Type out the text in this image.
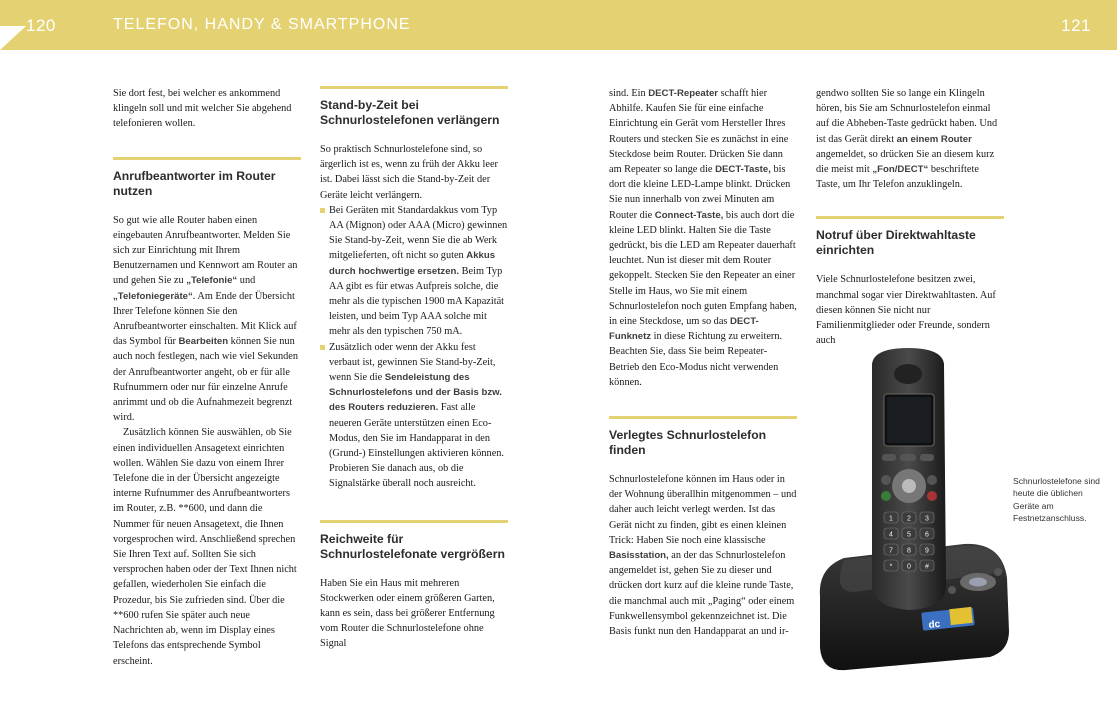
120	TELEFON, HANDY & SMARTPHONE	121

Sie dort fest, bei welcher es ankommend klingeln soll und mit welcher Sie abgehend telefonieren wollen.

Anrufbeantworter im Router nutzen

So gut wie alle Router haben einen eingebauten Anrufbeantworter. Melden Sie sich zur Einrichtung mit Ihrem Benutzernamen und Kennwort am Router an und gehen Sie zu „Telefonie“ und „Telefoniegeräte“. Am Ende der Übersicht Ihrer Telefone können Sie den Anrufbeantworter einschalten. Mit Klick auf das Symbol für Bearbeiten können Sie nun auch noch festlegen, nach wie viel Sekunden der Anrufbeantworter angeht, ob er für alle Rufnummern oder nur für einzelne Anrufe anrimmt und ob die Aufnahmezeit begrenzt wird.

Zusätzlich können Sie auswählen, ob Sie einen individuellen Ansagetext einrichten wollen. Wählen Sie dazu von einem Ihrer Telefone die in der Übersicht angezeigte interne Rufnummer des Anrufbeantworters im Router, z.B. **600, und dann die Nummer für neuen Ansagetext, die Ihnen vorgesprochen wird. Anschließend sprechen Sie Ihren Text auf. Sollten Sie sich versprochen haben oder der Text Ihnen nicht gefallen, wiederholen Sie einfach die Prozedur, bis Sie zufrieden sind. Über die **600 rufen Sie später auch neue Nachrichten ab, wenn im Display eines Telefons das entsprechende Symbol erscheint.

Stand-by-Zeit bei Schnurlostelefonen verlängern

So praktisch Schnurlostelefone sind, so ärgerlich ist es, wenn zu früh der Akku leer ist. Dabei lässt sich die Stand-by-Zeit der Geräte leicht verlängern.

Bei Geräten mit Standardakkus vom Typ AA (Mignon) oder AAA (Micro) gewinnen Sie Stand-by-Zeit, wenn Sie die ab Werk mitgelieferten, oft nicht so guten Akkus durch hochwertige ersetzen. Beim Typ AA gibt es für etwas Aufpreis solche, die mehr als die typischen 1900 mA Kapazität leisten, und beim Typ AAA solche mit mehr als den typischen 750 mA.
Zusätzlich oder wenn der Akku fest verbaut ist, gewinnen Sie Stand-by-Zeit, wenn Sie die Sendeleistung des Schnurlostelefons und der Basis bzw. des Routers reduzieren. Fast alle neueren Geräte unterstützen einen Eco-Modus, den Sie im Handapparat in den (Grund-) Einstellungen aktivieren können. Probieren Sie danach aus, ob die Signalstärke überall noch ausreicht.
Reichweite für Schnurlostelefonate vergrößern

Haben Sie ein Haus mit mehreren Stockwerken oder einem größeren Garten, kann es sein, dass bei größerer Entfernung vom Router die Schnurlostelefone ohne Signal

sind. Ein DECT-Repeater schafft hier Abhilfe. Kaufen Sie für eine einfache Einrichtung ein Gerät vom Hersteller Ihres Routers und stecken Sie es zunächst in eine Steckdose beim Router. Drücken Sie dann am Repeater so lange die DECT-Taste, bis dort die kleine LED-Lampe blinkt. Drücken Sie nun innerhalb von zwei Minuten am Router die Connect-Taste, bis auch dort die kleine LED blinkt. Halten Sie die Taste gedrückt, bis die LED am Repeater dauerhaft leuchtet. Nun ist dieser mit dem Router gekoppelt. Stecken Sie den Repeater an einer Stelle im Haus, wo Sie mit einem Schnurlostelefon noch guten Empfang haben, in eine Steckdose, um so das DECT-Funknetz in diese Richtung zu erweitern. Beachten Sie, dass Sie beim Repeater-Betrieb den Eco-Modus nicht verwenden können.

Verlegtes Schnurlostelefon finden

Schnurlostelefone können im Haus oder in der Wohnung überallhin mitgenommen – und daher auch leicht verlegt werden. Ist das Gerät nicht zu finden, gibt es einen kleinen Trick: Haben Sie noch eine klassische Basisstation, an der das Schnurlostelefon angemeldet ist, gehen Sie zu dieser und drücken dort kurz auf die kleine runde Taste, die manchmal auch mit „Paging“ oder einem Funkwellensymbol gekennzeichnet ist. Die Basis funkt nun den Handapparat an und ir-

gendwo sollten Sie so lange ein Klingeln hören, bis Sie am Schnurlostelefon einmal auf die Abheben-Taste gedrückt haben. Und ist das Gerät direkt an einem Router angemeldet, so drücken Sie an diesem kurz die meist mit „Fon/DECT“ beschriftete Taste, um Ihr Telefon anzuklingeln.

Notruf über Direktwahltaste einrichten

Viele Schnurlostelefone besitzen zwei, manchmal sogar vier Direktwahltasten. Auf diesen können Sie nicht nur Familienmitglieder oder Freunde, sondern auch

dc
1 2 3
4 5 6
7 8 9
* 0 #
Schnurlostelefone sind heute die üblichen Geräte am Festnetzanschluss.
